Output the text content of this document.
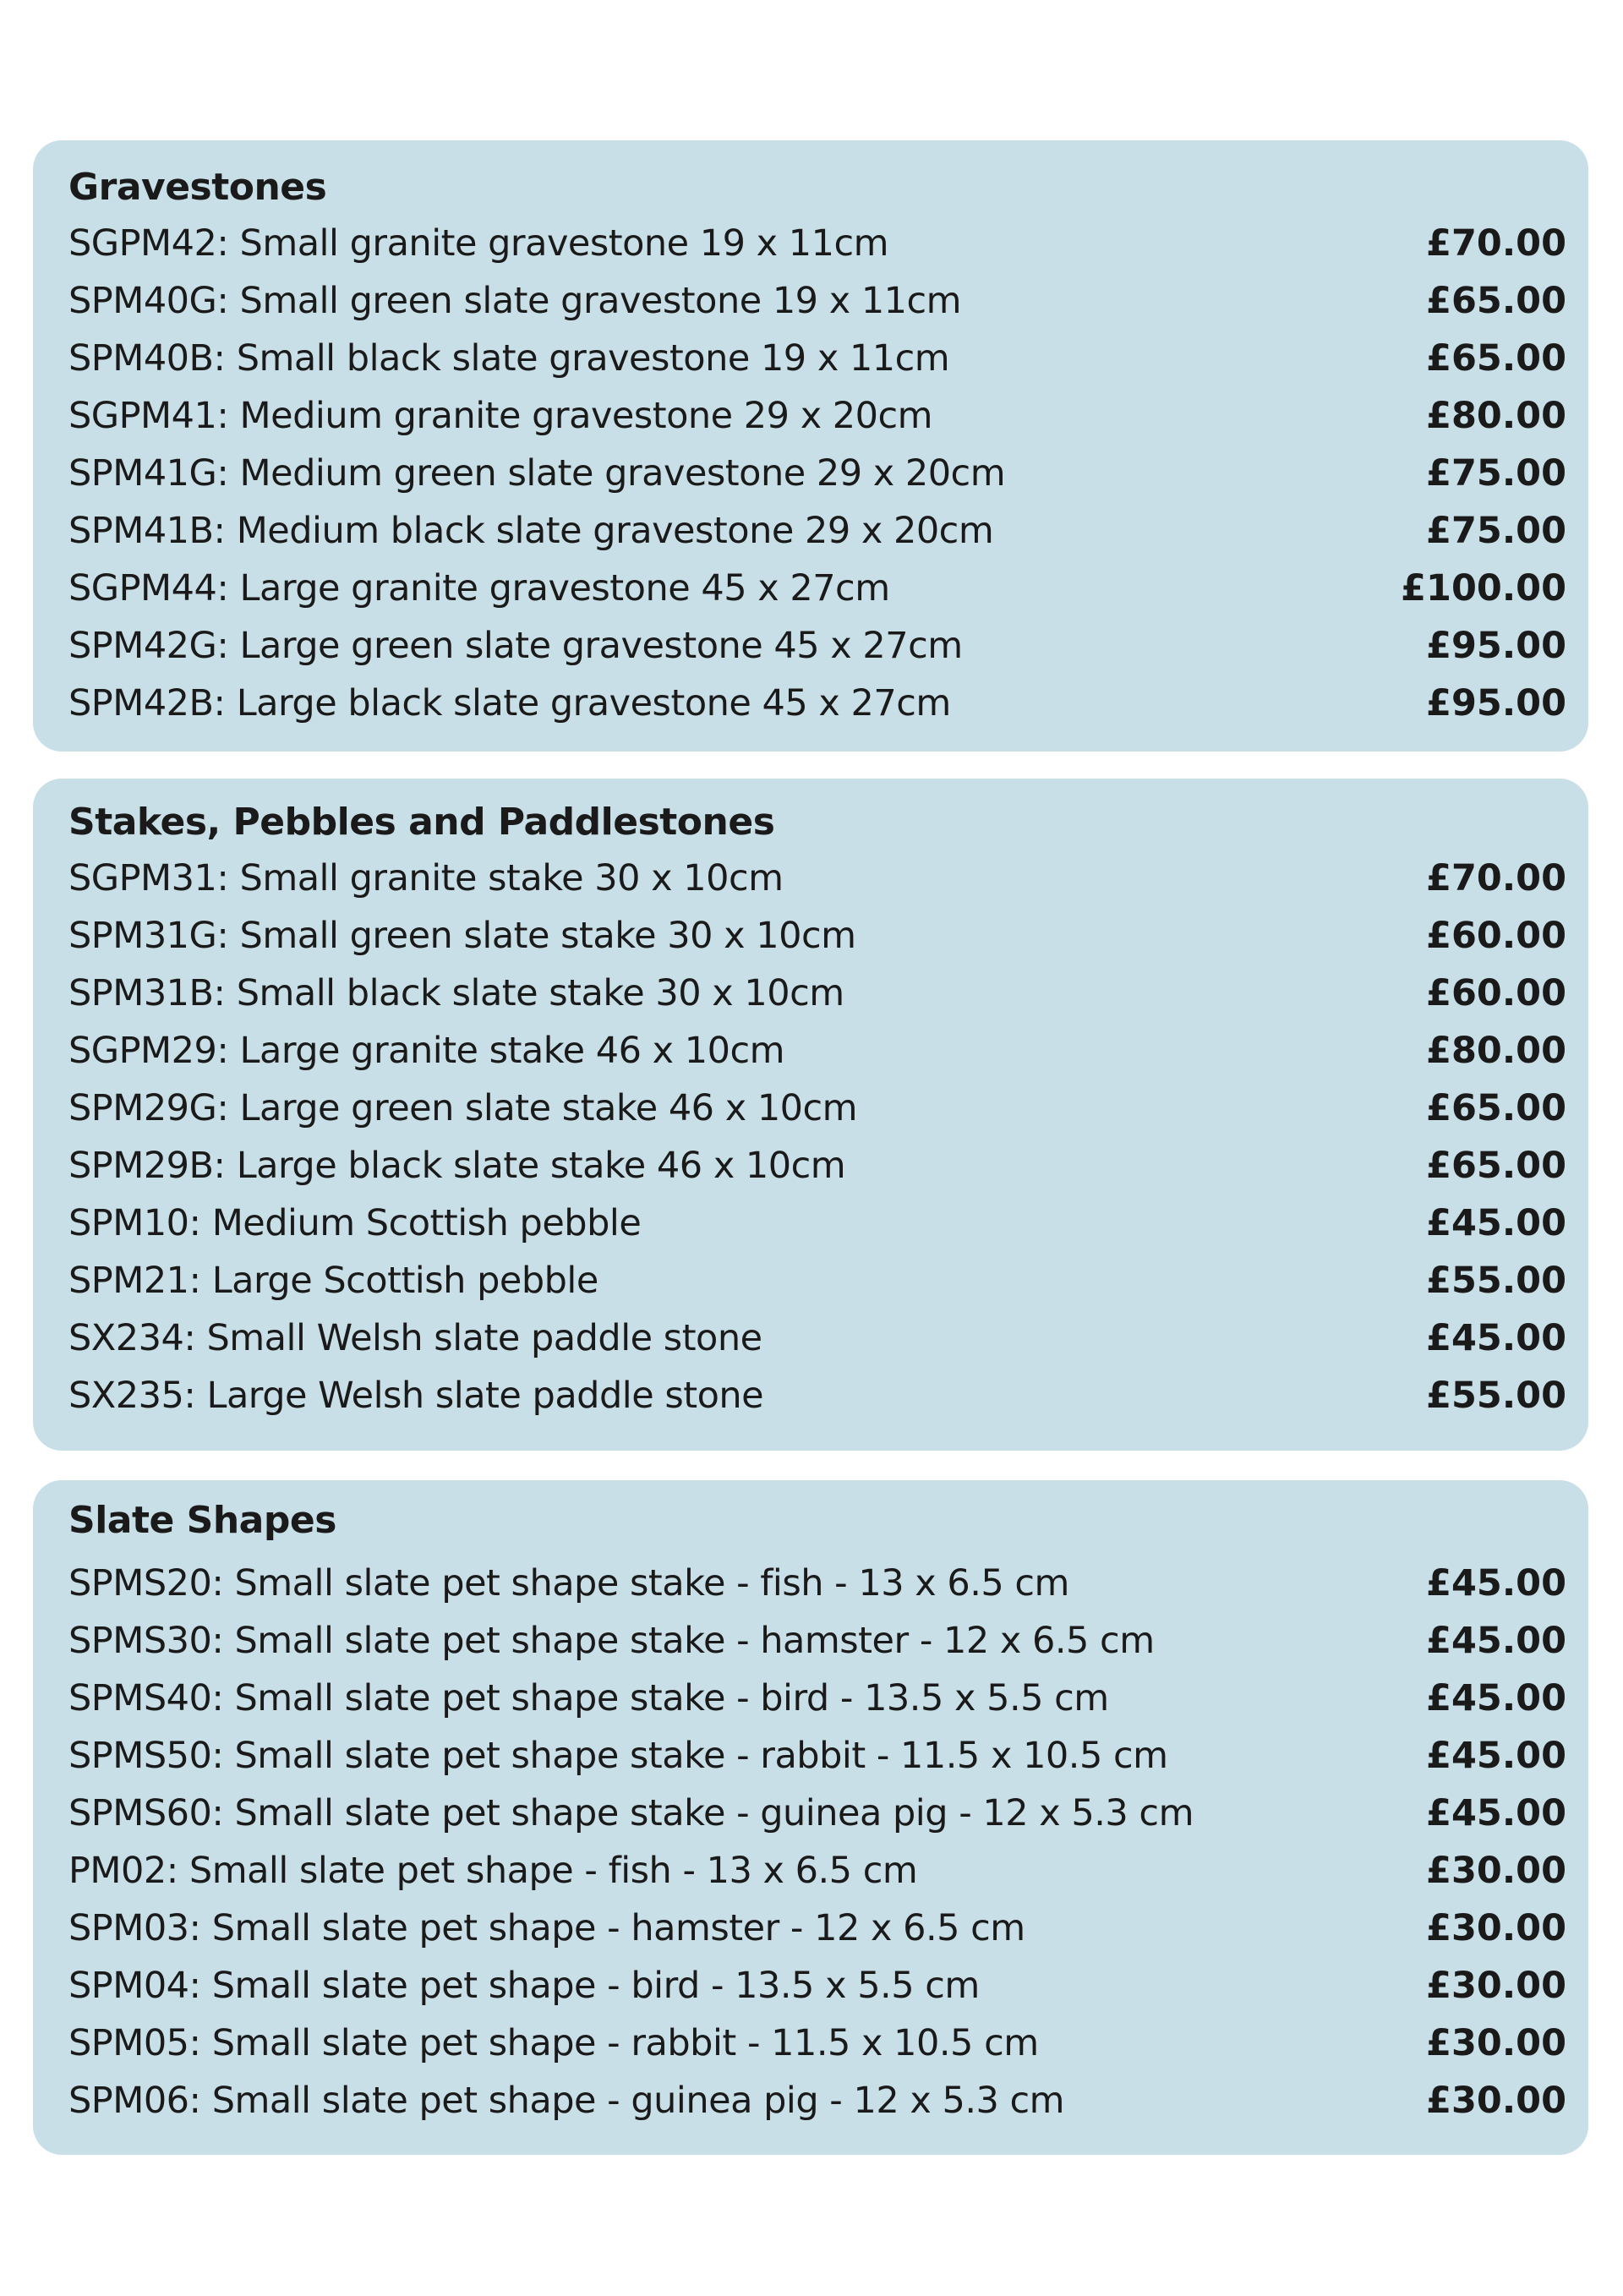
Gravestones
SGPM42: Small granite gravestone 19 x 11cm	£70.00
SPM40G: Small green slate gravestone 19 x 11cm	£65.00
SPM40B: Small black slate gravestone 19 x 11cm	£65.00
SGPM41: Medium granite gravestone 29 x 20cm	£80.00
SPM41G: Medium green slate gravestone 29 x 20cm	£75.00
SPM41B: Medium black slate gravestone 29 x 20cm	£75.00
SGPM44: Large granite gravestone 45 x 27cm	£100.00
SPM42G: Large green slate gravestone 45 x 27cm	£95.00
SPM42B: Large black slate gravestone 45 x 27cm	£95.00
Stakes, Pebbles and Paddlestones
SGPM31: Small granite stake 30 x 10cm	£70.00
SPM31G: Small green slate stake 30 x 10cm	£60.00
SPM31B: Small black slate stake 30 x 10cm	£60.00
SGPM29: Large granite stake 46 x 10cm	£80.00
SPM29G: Large green slate stake 46 x 10cm	£65.00
SPM29B: Large black slate stake 46 x 10cm	£65.00
SPM10: Medium Scottish pebble	£45.00
SPM21: Large Scottish pebble	£55.00
SX234: Small Welsh slate paddle stone	£45.00
SX235: Large Welsh slate paddle stone	£55.00
Slate Shapes
SPMS20: Small slate pet shape stake - fish - 13 x 6.5 cm	£45.00
SPMS30: Small slate pet shape stake - hamster - 12 x 6.5 cm	£45.00
SPMS40: Small slate pet shape stake - bird - 13.5 x 5.5 cm	£45.00
SPMS50: Small slate pet shape stake - rabbit - 11.5 x 10.5 cm	£45.00
SPMS60: Small slate pet shape stake - guinea pig - 12 x 5.3 cm	£45.00
PM02: Small slate pet shape - fish - 13 x 6.5 cm	£30.00
SPM03: Small slate pet shape - hamster - 12 x 6.5 cm	£30.00
SPM04: Small slate pet shape - bird - 13.5 x 5.5 cm	£30.00
SPM05: Small slate pet shape - rabbit - 11.5 x 10.5 cm	£30.00
SPM06: Small slate pet shape - guinea pig - 12 x 5.3 cm	£30.00
